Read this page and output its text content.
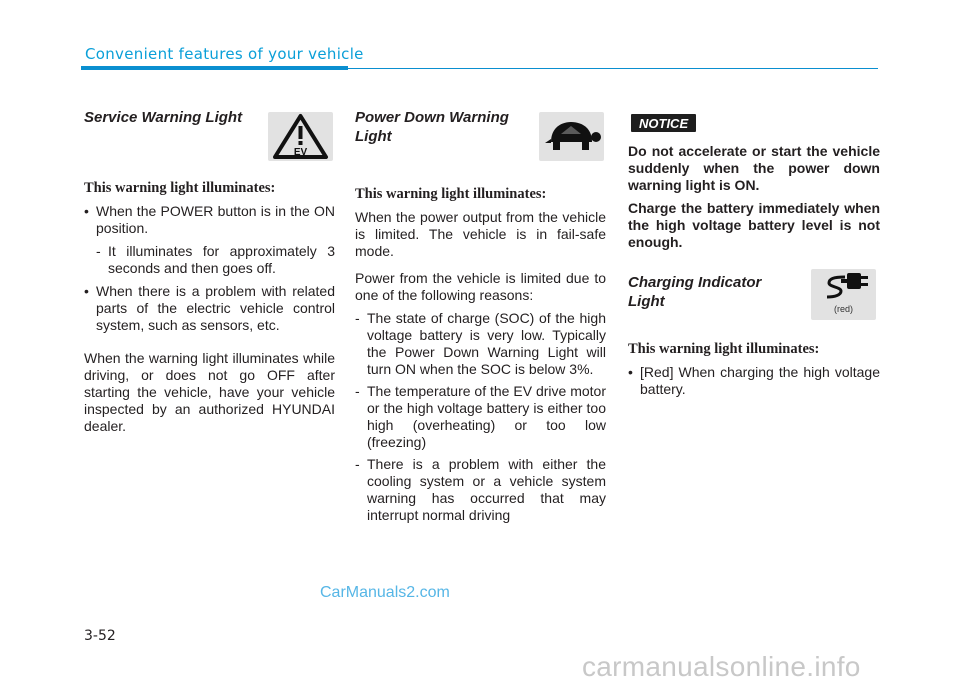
Convenient features of your vehicle
Service Warning Light
EV
This warning light illuminates:
• When the POWER button is in the ON position.
- It illuminates for approximately 3 seconds and then goes off.
• When there is a problem with related parts of the electric vehicle control system, such as sensors, etc.
When the warning light illuminates while driving, or does not go OFF after starting the vehicle, have your vehicle inspected by an authorized HYUNDAI dealer.
Power Down Warning Light
This warning light illuminates:
When the power output from the vehicle is limited. The vehicle is in fail-safe mode.
Power from the vehicle is limited due to one of the following reasons:
- The state of charge (SOC) of the high voltage battery is very low. Typically the Power Down Warning Light will turn ON when the SOC is below 3%.
- The temperature of the EV drive motor or the high voltage battery is either too high (overheating) or too low (freezing)
- There is a problem with either the cooling system or a vehicle system warning has occurred that may interrupt normal driving
NOTICE
Do not accelerate or start the vehicle suddenly when the power down warning light is ON.
Charge the battery immediately when the high voltage battery level is not enough.
Charging Indicator Light	(red)
This warning light illuminates:
• [Red] When charging the high voltage battery.
CarManuals2.com
3-52
carmanualsonline.info
